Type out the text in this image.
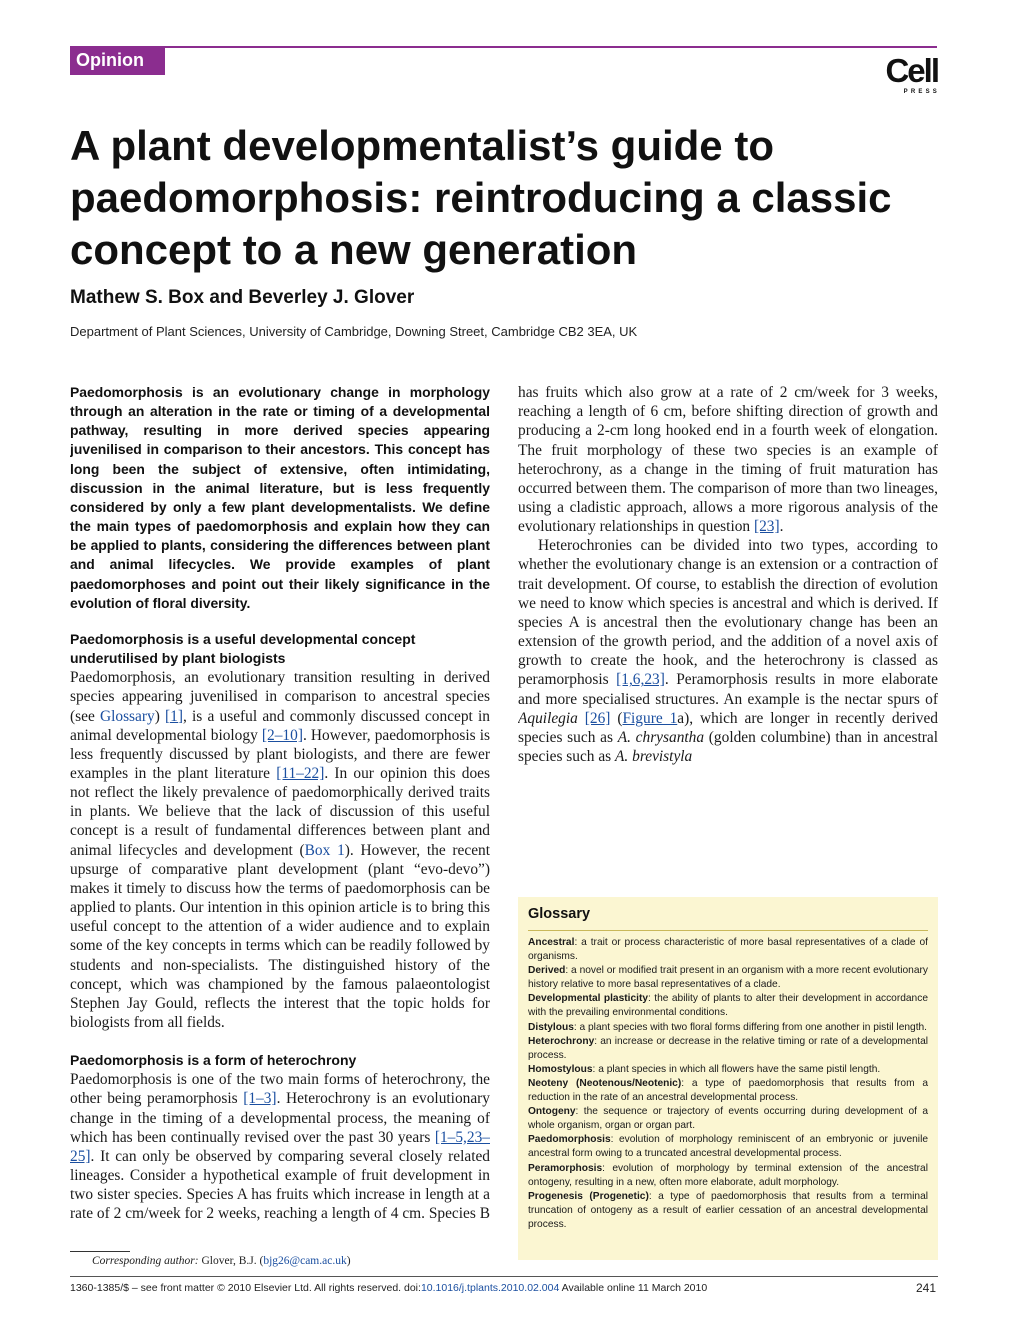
Opinion	Cell
PRESS
A plant developmentalist’s guide to paedomorphosis: reintroducing a classic concept to a new generation
Mathew S. Box and Beverley J. Glover
Department of Plant Sciences, University of Cambridge, Downing Street, Cambridge CB2 3EA, UK

Paedomorphosis is an evolutionary change in morphology through an alteration in the rate or timing of a developmental pathway, resulting in more derived species appearing juvenilised in comparison to their ancestors. This concept has long been the subject of extensive, often intimidating, discussion in the animal literature, but is less frequently considered by only a few plant developmentalists. We define the main types of paedomorphosis and explain how they can be applied to plants, considering the differences between plant and animal lifecycles. We provide examples of plant paedomorphoses and point out their likely significance in the evolution of floral diversity.

Paedomorphosis is a useful developmental concept underutilised by plant biologists

Paedomorphosis, an evolutionary transition resulting in derived species appearing juvenilised in comparison to ancestral species (see Glossary) [1], is a useful and commonly discussed concept in animal developmental biology [2–10]. However, paedomorphosis is less frequently discussed by plant biologists, and there are fewer examples in the plant literature [11–22]. In our opinion this does not reflect the likely prevalence of paedomorphically derived traits in plants. We believe that the lack of discussion of this useful concept is a result of fundamental differences between plant and animal lifecycles and development (Box 1). However, the recent upsurge of comparative plant development (plant “evo-devo”) makes it timely to discuss how the terms of paedomorphosis can be applied to plants. Our intention in this opinion article is to bring this useful concept to the attention of a wider audience and to explain some of the key concepts in terms which can be readily followed by students and non-specialists. The distinguished history of the concept, which was championed by the famous palaeontologist Stephen Jay Gould, reflects the interest that the topic holds for biologists from all fields.

Paedomorphosis is a form of heterochrony

Paedomorphosis is one of the two main forms of heterochrony, the other being peramorphosis [1–3]. Heterochrony is an evolutionary change in the timing of a developmental process, the meaning of which has been continually revised over the past 30 years [1–5,23–25]. It can only be observed by comparing several closely related lineages. Consider a hypothetical example of fruit development in two sister species. Species A has fruits which increase in length at a rate of 2 cm/week for 2 weeks, reaching a length of 4 cm. Species B

has fruits which also grow at a rate of 2 cm/week for 3 weeks, reaching a length of 6 cm, before shifting direction of growth and producing a 2-cm long hooked end in a fourth week of elongation. The fruit morphology of these two species is an example of heterochrony, as a change in the timing of fruit maturation has occurred between them. The comparison of more than two lineages, using a cladistic approach, allows a more rigorous analysis of the evolutionary relationships in question [23].

Heterochronies can be divided into two types, according to whether the evolutionary change is an extension or a contraction of trait development. Of course, to establish the direction of evolution we need to know which species is ancestral and which is derived. If species A is ancestral then the evolutionary change has been an extension of the growth period, and the addition of a novel axis of growth to create the hook, and the heterochrony is classed as peramorphosis [1,6,23]. Peramorphosis results in more elaborate and more specialised structures. An example is the nectar spurs of Aquilegia [26] (Figure 1a), which are longer in recently derived species such as A. chrysantha (golden columbine) than in ancestral species such as A. brevistyla

Glossary

Ancestral: a trait or process characteristic of more basal representatives of a clade of organisms.

Derived: a novel or modified trait present in an organism with a more recent evolutionary history relative to more basal representatives of a clade.

Developmental plasticity: the ability of plants to alter their development in accordance with the prevailing environmental conditions.

Distylous: a plant species with two floral forms differing from one another in pistil length.

Heterochrony: an increase or decrease in the relative timing or rate of a developmental process.

Homostylous: a plant species in which all flowers have the same pistil length.

Neoteny (Neotenous/Neotenic): a type of paedomorphosis that results from a reduction in the rate of an ancestral developmental process.

Ontogeny: the sequence or trajectory of events occurring during development of a whole organism, organ or organ part.

Paedomorphosis: evolution of morphology reminiscent of an embryonic or juvenile ancestral form owing to a truncated ancestral developmental process.

Peramorphosis: evolution of morphology by terminal extension of the ancestral ontogeny, resulting in a new, often more elaborate, adult morphology.

Progenesis (Progenetic): a type of paedomorphosis that results from a terminal truncation of ontogeny as a result of earlier cessation of an ancestral developmental process.

Corresponding author: Glover, B.J. (bjg26@cam.ac.uk)
1360-1385/$ – see front matter © 2010 Elsevier Ltd. All rights reserved. doi:10.1016/j.tplants.2010.02.004 Available online 11 March 2010	241
